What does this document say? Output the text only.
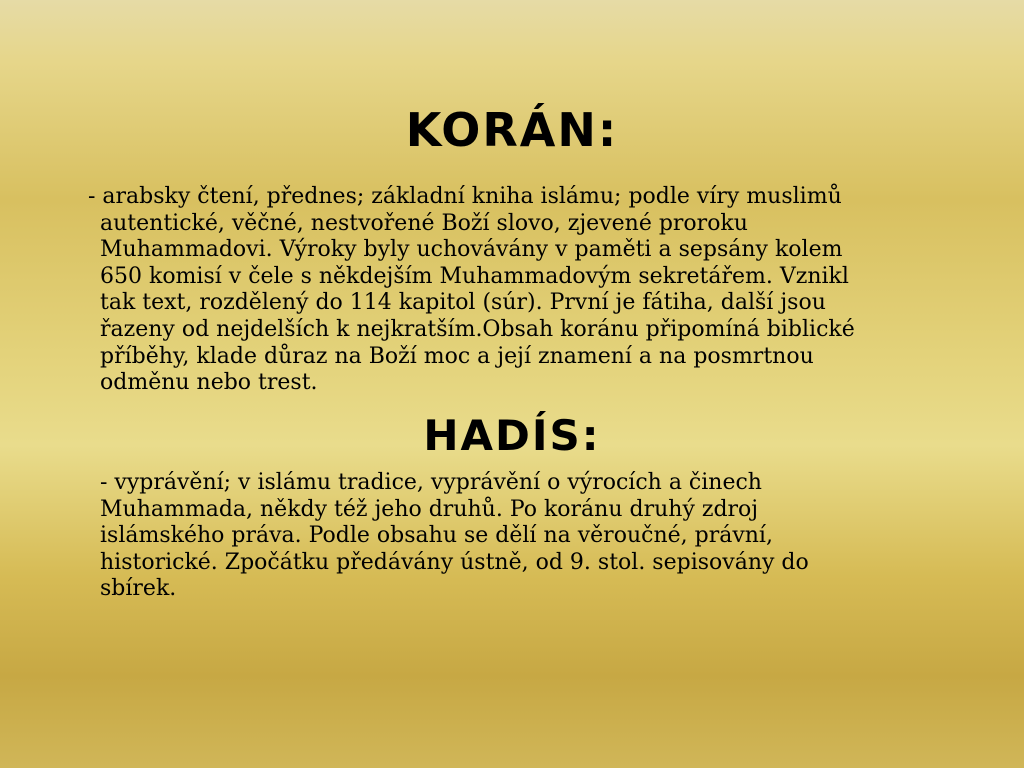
KORÁN:
- arabsky čtení, přednes; základní kniha islámu; podle víry muslimů
autentické, věčné, nestvořené Boží slovo, zjevené proroku
Muhammadovi. Výroky byly uchovávány v paměti a sepsány kolem
650 komisí v čele s někdejším Muhammadovým sekretářem. Vznikl
tak text, rozdělený do 114 kapitol (súr). První je fátiha, další jsou
řazeny od nejdelších k nejkratším.Obsah koránu připomíná biblické
příběhy, klade důraz na Boží moc a její znamení a na posmrtnou
odměnu nebo trest.
HADÍS:
- vyprávění; v islámu tradice, vyprávění o výrocích a činech
Muhammada, někdy též jeho druhů. Po koránu druhý zdroj
islámského práva. Podle obsahu se dělí na věroučné, právní,
historické. Zpočátku předávány ústně, od 9. stol. sepisovány do
sbírek.
